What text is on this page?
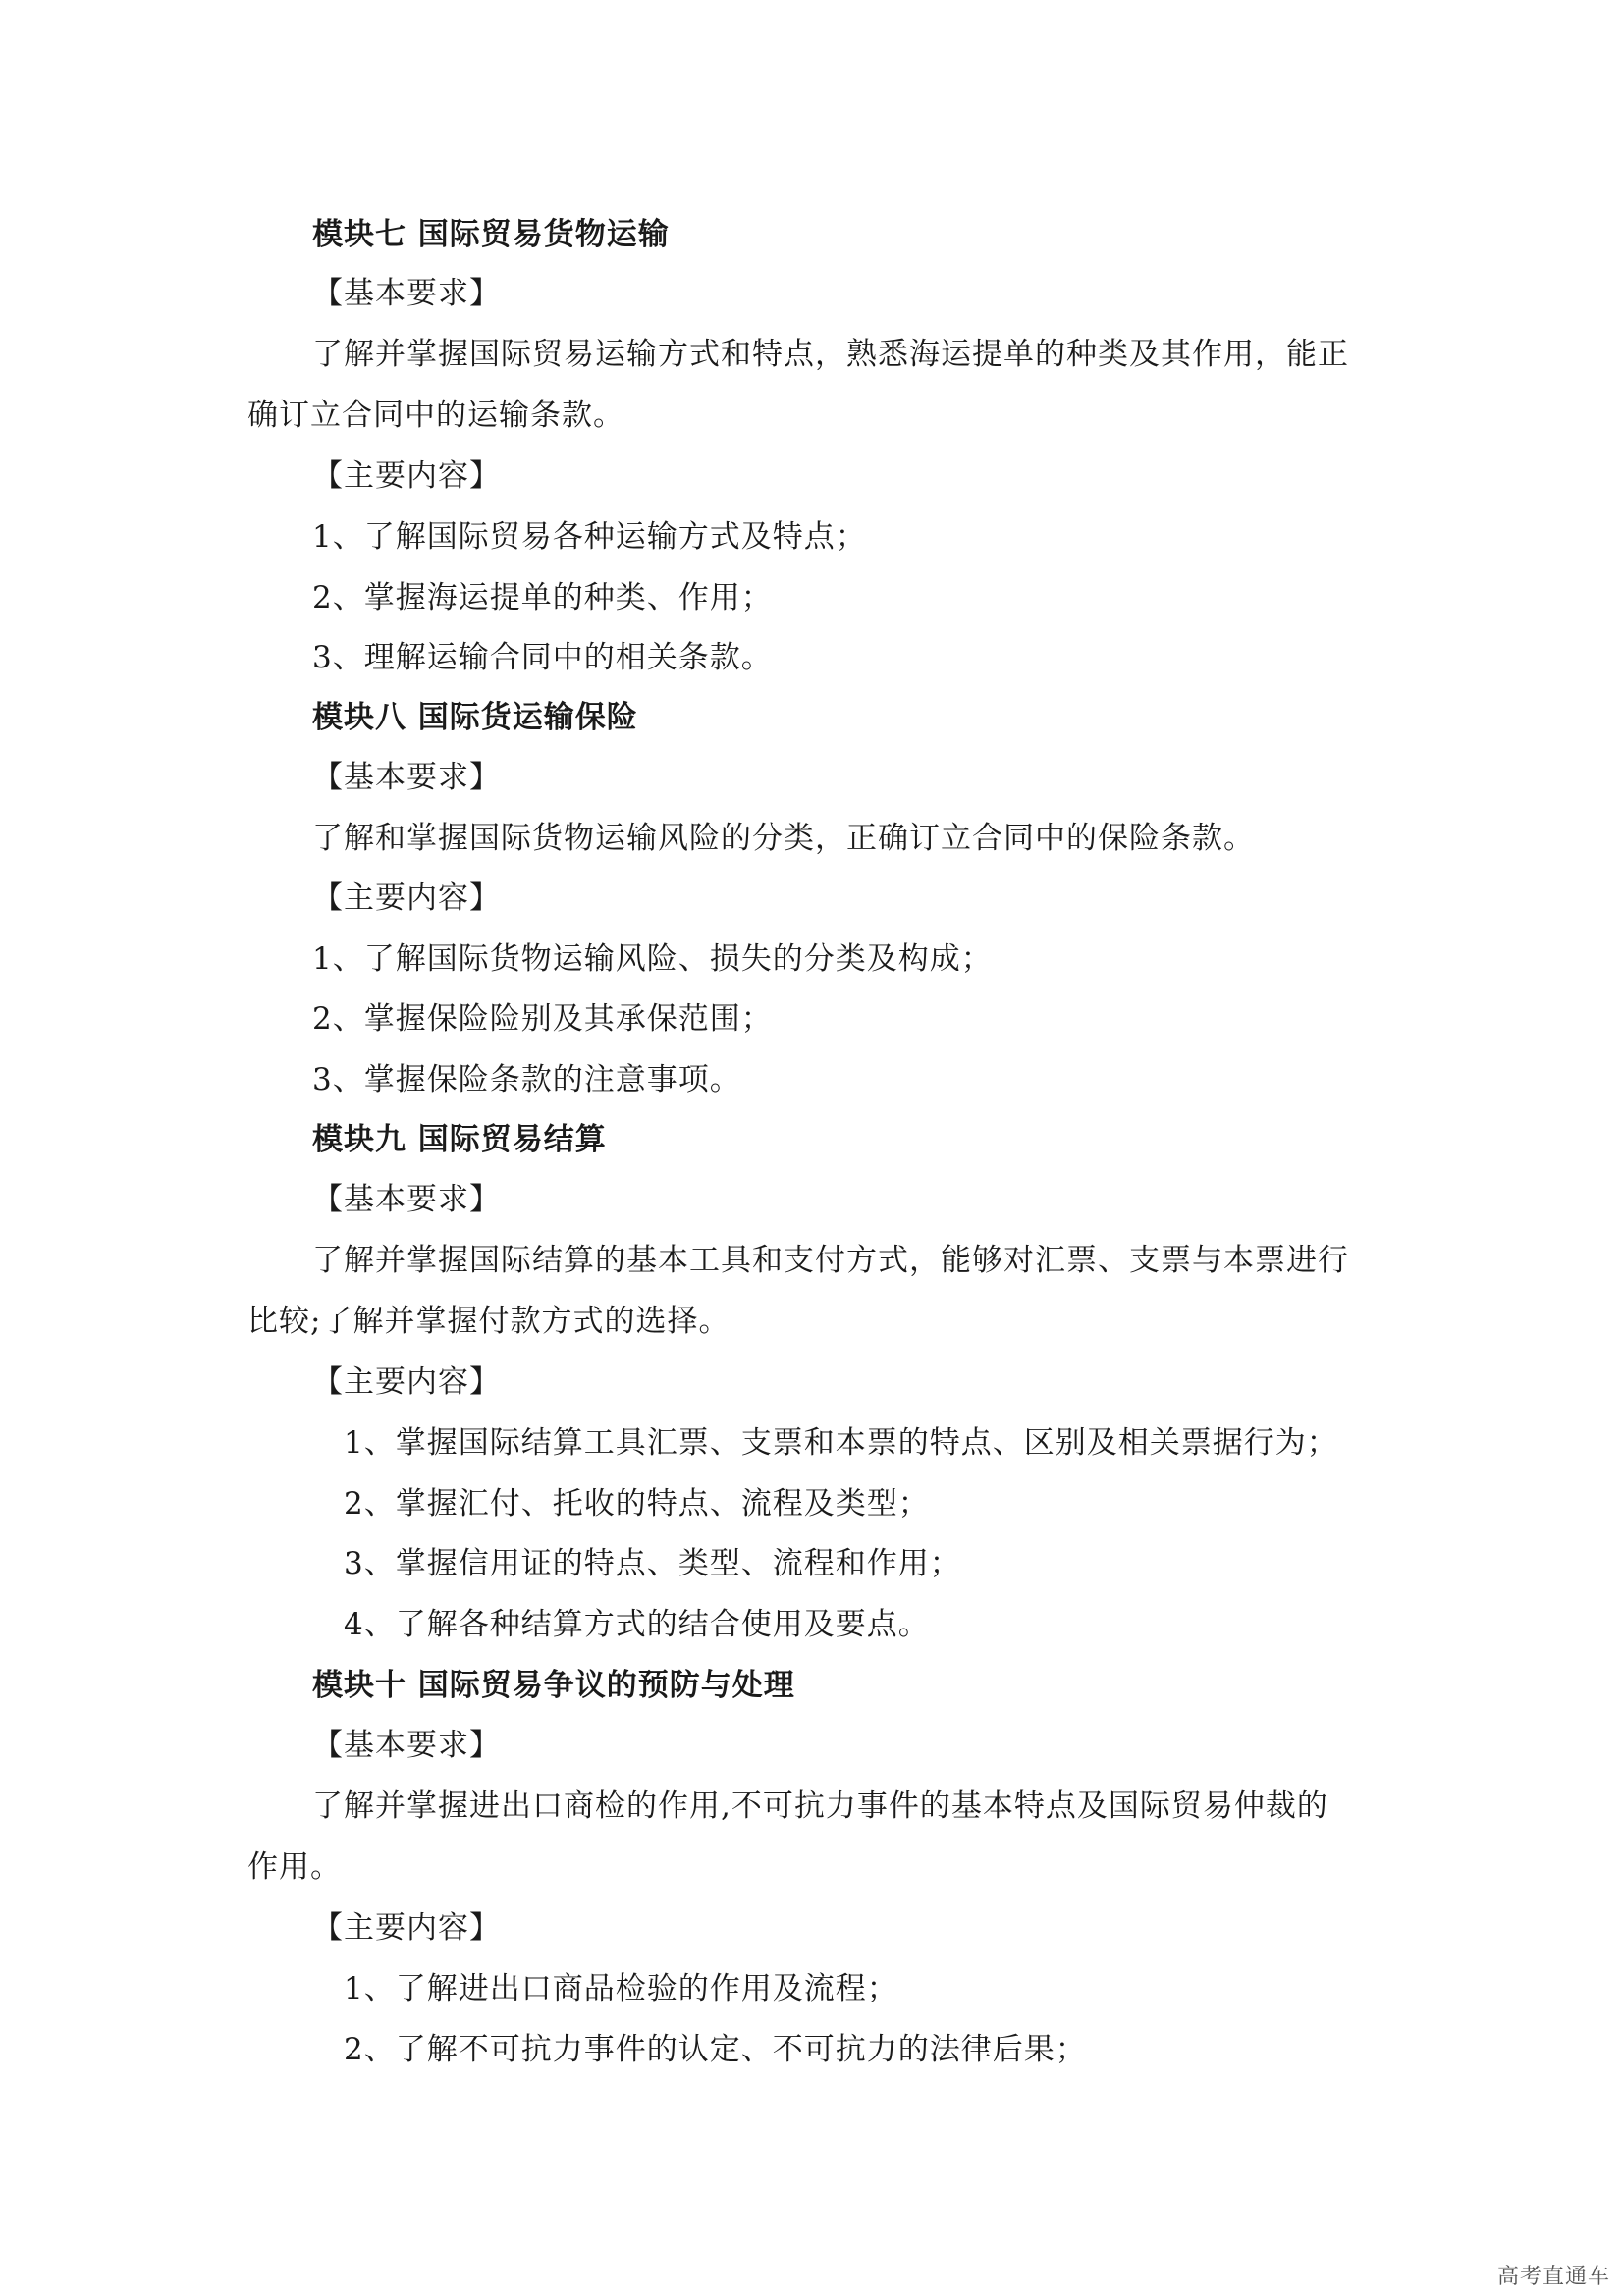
模块七 国际贸易货物运输
【基本要求】
了解并掌握国际贸易运输方式和特点，熟悉海运提单的种类及其作用，能正
确订立合同中的运输条款。
【主要内容】
1、了解国际贸易各种运输方式及特点；
2、掌握海运提单的种类、作用；
3、理解运输合同中的相关条款。
模块八 国际货运输保险
【基本要求】
了解和掌握国际货物运输风险的分类，正确订立合同中的保险条款。
【主要内容】
1、了解国际货物运输风险、损失的分类及构成；
2、掌握保险险别及其承保范围；
3、掌握保险条款的注意事项。
模块九 国际贸易结算
【基本要求】
了解并掌握国际结算的基本工具和支付方式，能够对汇票、支票与本票进行
比较;了解并掌握付款方式的选择。
【主要内容】
1、掌握国际结算工具汇票、支票和本票的特点、区别及相关票据行为；
2、掌握汇付、托收的特点、流程及类型；
3、掌握信用证的特点、类型、流程和作用；
4、了解各种结算方式的结合使用及要点。
模块十 国际贸易争议的预防与处理
【基本要求】
了解并掌握进出口商检的作用,不可抗力事件的基本特点及国际贸易仲裁的
作用。
【主要内容】
1、了解进出口商品检验的作用及流程；
2、了解不可抗力事件的认定、不可抗力的法律后果；
高考直通车
